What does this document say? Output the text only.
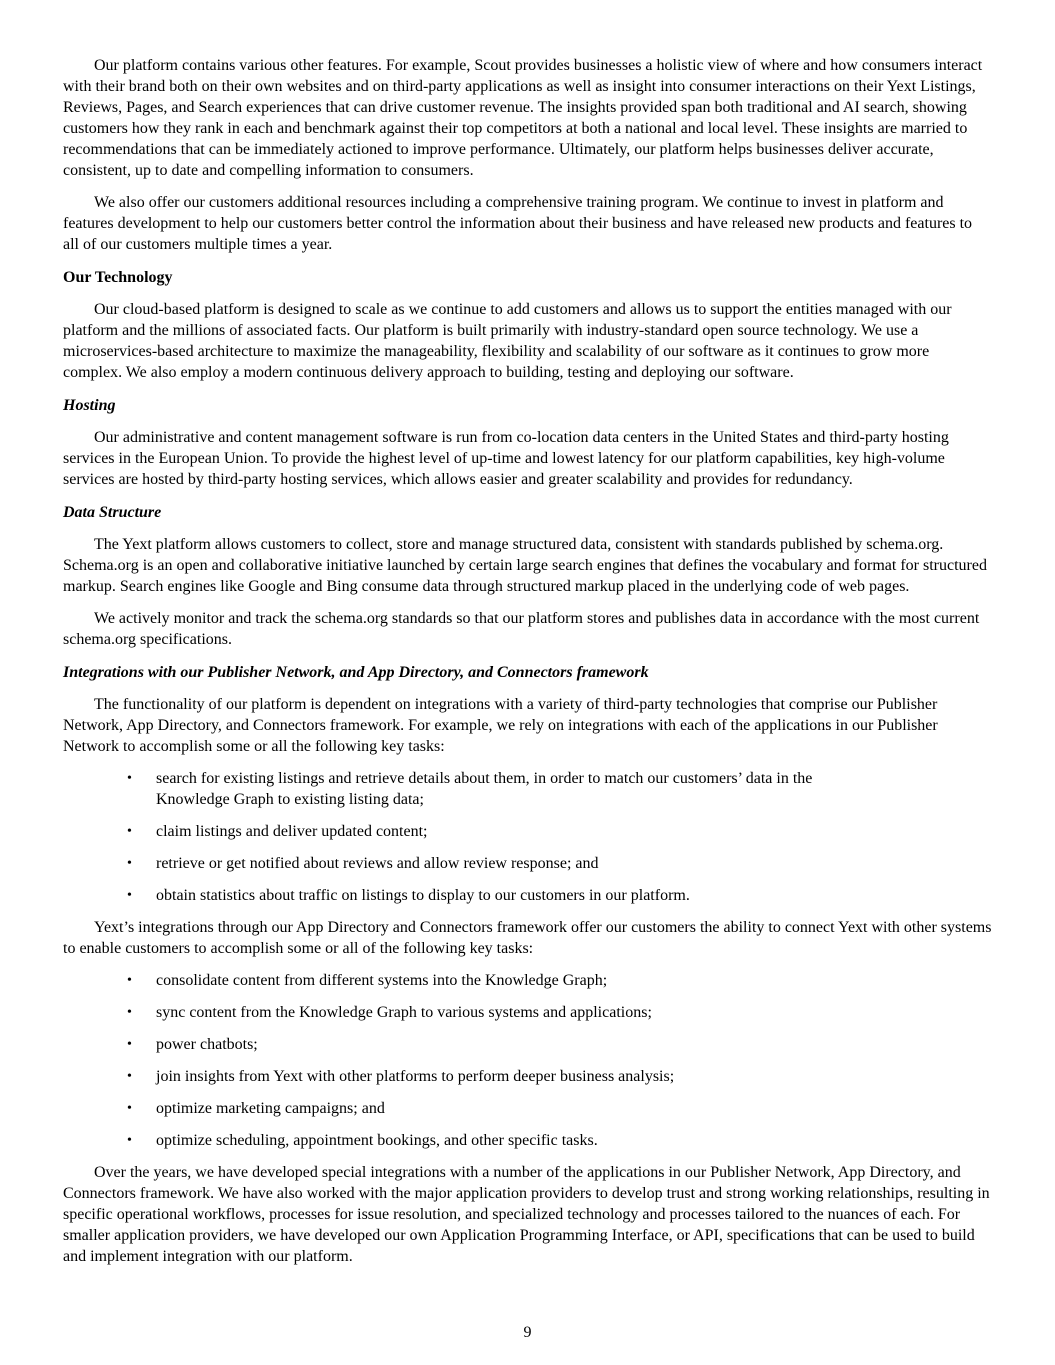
Our platform contains various other features. For example, Scout provides businesses a holistic view of where and how consumers interact with their brand both on their own websites and on third-party applications as well as insight into consumer interactions on their Yext Listings, Reviews, Pages, and Search experiences that can drive customer revenue. The insights provided span both traditional and AI search, showing customers how they rank in each and benchmark against their top competitors at both a national and local level. These insights are married to recommendations that can be immediately actioned to improve performance. Ultimately, our platform helps businesses deliver accurate, consistent, up to date and compelling information to consumers.

We also offer our customers additional resources including a comprehensive training program. We continue to invest in platform and features development to help our customers better control the information about their business and have released new products and features to all of our customers multiple times a year.

Our Technology

Our cloud-based platform is designed to scale as we continue to add customers and allows us to support the entities managed with our platform and the millions of associated facts. Our platform is built primarily with industry-standard open source technology. We use a microservices-based architecture to maximize the manageability, flexibility and scalability of our software as it continues to grow more complex. We also employ a modern continuous delivery approach to building, testing and deploying our software.

Hosting

Our administrative and content management software is run from co-location data centers in the United States and third-party hosting services in the European Union. To provide the highest level of up-time and lowest latency for our platform capabilities, key high-volume services are hosted by third-party hosting services, which allows easier and greater scalability and provides for redundancy.

Data Structure

The Yext platform allows customers to collect, store and manage structured data, consistent with standards published by schema.org. Schema.org is an open and collaborative initiative launched by certain large search engines that defines the vocabulary and format for structured markup. Search engines like Google and Bing consume data through structured markup placed in the underlying code of web pages.

We actively monitor and track the schema.org standards so that our platform stores and publishes data in accordance with the most current schema.org specifications.

Integrations with our Publisher Network, and App Directory, and Connectors framework

The functionality of our platform is dependent on integrations with a variety of third-party technologies that comprise our Publisher Network, App Directory, and Connectors framework. For example, we rely on integrations with each of the applications in our Publisher Network to accomplish some or all the following key tasks:

•	search for existing listings and retrieve details about them, in order to match our customers’ data in the Knowledge Graph to existing listing data;
•	claim listings and deliver updated content;
•	retrieve or get notified about reviews and allow review response; and
•	obtain statistics about traffic on listings to display to our customers in our platform.

Yext’s integrations through our App Directory and Connectors framework offer our customers the ability to connect Yext with other systems to enable customers to accomplish some or all of the following key tasks:

•	consolidate content from different systems into the Knowledge Graph;
•	sync content from the Knowledge Graph to various systems and applications;
•	power chatbots;
•	join insights from Yext with other platforms to perform deeper business analysis;
•	optimize marketing campaigns; and
•	optimize scheduling, appointment bookings, and other specific tasks.

Over the years, we have developed special integrations with a number of the applications in our Publisher Network, App Directory, and Connectors framework. We have also worked with the major application providers to develop trust and strong working relationships, resulting in specific operational workflows, processes for issue resolution, and specialized technology and processes tailored to the nuances of each. For smaller application providers, we have developed our own Application Programming Interface, or API, specifications that can be used to build and implement integration with our platform.

9
